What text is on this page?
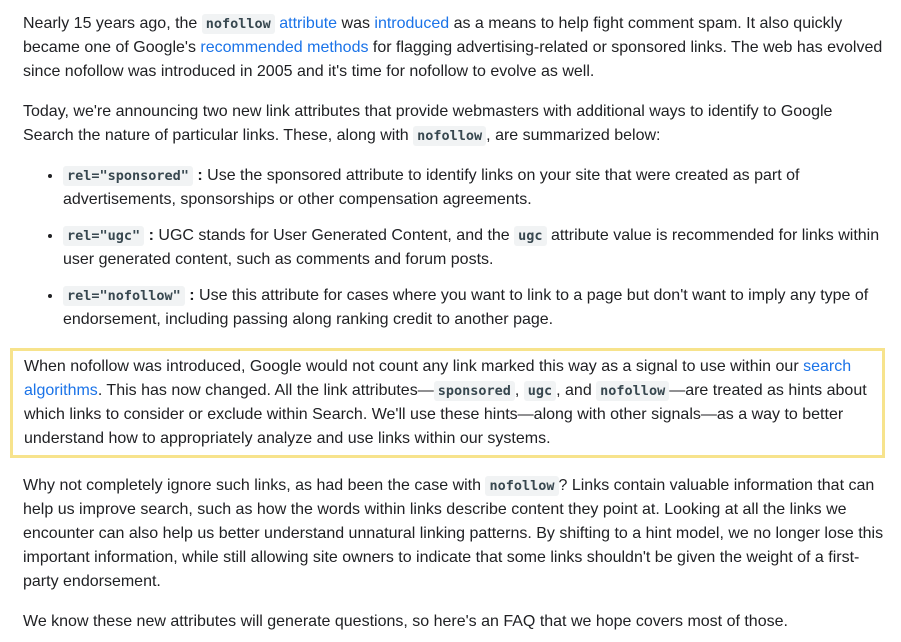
Nearly 15 years ago, the nofollow attribute was introduced as a means to help fight comment spam. It also quickly became one of Google's recommended methods for flagging advertising-related or sponsored links. The web has evolved since nofollow was introduced in 2005 and it's time for nofollow to evolve as well.

Today, we're announcing two new link attributes that provide webmasters with additional ways to identify to Google Search the nature of particular links. These, along with nofollow , are summarized below:

• rel="sponsored" : Use the sponsored attribute to identify links on your site that were created as part of advertisements, sponsorships or other compensation agreements.
• rel="ugc" : UGC stands for User Generated Content, and the ugc attribute value is recommended for links within user generated content, such as comments and forum posts.
• rel="nofollow" : Use this attribute for cases where you want to link to a page but don't want to imply any type of endorsement, including passing along ranking credit to another page.

When nofollow was introduced, Google would not count any link marked this way as a signal to use within our search algorithms. This has now changed. All the link attributes— sponsored , ugc , and nofollow —are treated as hints about which links to consider or exclude within Search. We'll use these hints—along with other signals—as a way to better understand how to appropriately analyze and use links within our systems.

Why not completely ignore such links, as had been the case with nofollow ? Links contain valuable information that can help us improve search, such as how the words within links describe content they point at. Looking at all the links we encounter can also help us better understand unnatural linking patterns. By shifting to a hint model, we no longer lose this important information, while still allowing site owners to indicate that some links shouldn't be given the weight of a first-party endorsement.

We know these new attributes will generate questions, so here's an FAQ that we hope covers most of those.
